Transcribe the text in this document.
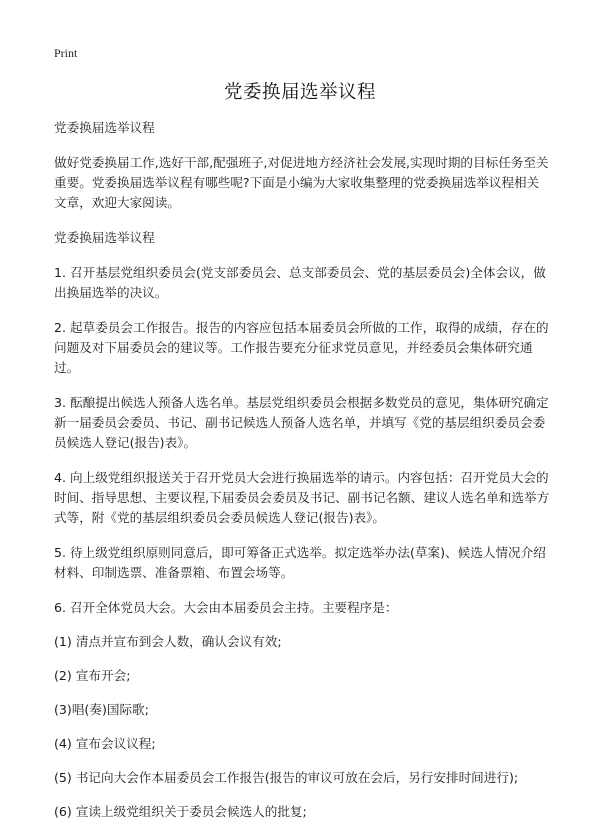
Print
党委换届选举议程

党委换届选举议程

做好党委换届工作,选好干部,配强班子,对促进地方经济社会发展,实现时期的目标任务至关重要。党委换届选举议程有哪些呢?下面是小编为大家收集整理的党委换届选举议程相关文章，欢迎大家阅读。

党委换届选举议程

1. 召开基层党组织委员会(党支部委员会、总支部委员会、党的基层委员会)全体会议，做出换届选举的决议。

2. 起草委员会工作报告。报告的内容应包括本届委员会所做的工作，取得的成绩，存在的问题及对下届委员会的建议等。工作报告要充分征求党员意见，并经委员会集体研究通过。

3. 酝酿提出候选人预备人选名单。基层党组织委员会根据多数党员的意见，集体研究确定新一届委员会委员、书记、副书记候选人预备人选名单，并填写《党的基层组织委员会委员候选人登记(报告)表》。

4. 向上级党组织报送关于召开党员大会进行换届选举的请示。内容包括：召开党员大会的时间、指导思想、主要议程,下届委员会委员及书记、副书记名额、建议人选名单和选举方式等，附《党的基层组织委员会委员候选人登记(报告)表》。

5. 待上级党组织原则同意后，即可筹备正式选举。拟定选举办法(草案)、候选人情况介绍材料、印制选票、准备票箱、布置会场等。

6. 召开全体党员大会。大会由本届委员会主持。主要程序是：

(1) 清点并宣布到会人数，确认会议有效;

(2) 宣布开会;

(3)唱(奏)国际歌;

(4) 宣布会议议程;

(5) 书记向大会作本届委员会工作报告(报告的审议可放在会后，另行安排时间进行);

(6) 宣读上级党组织关于委员会候选人的批复;
